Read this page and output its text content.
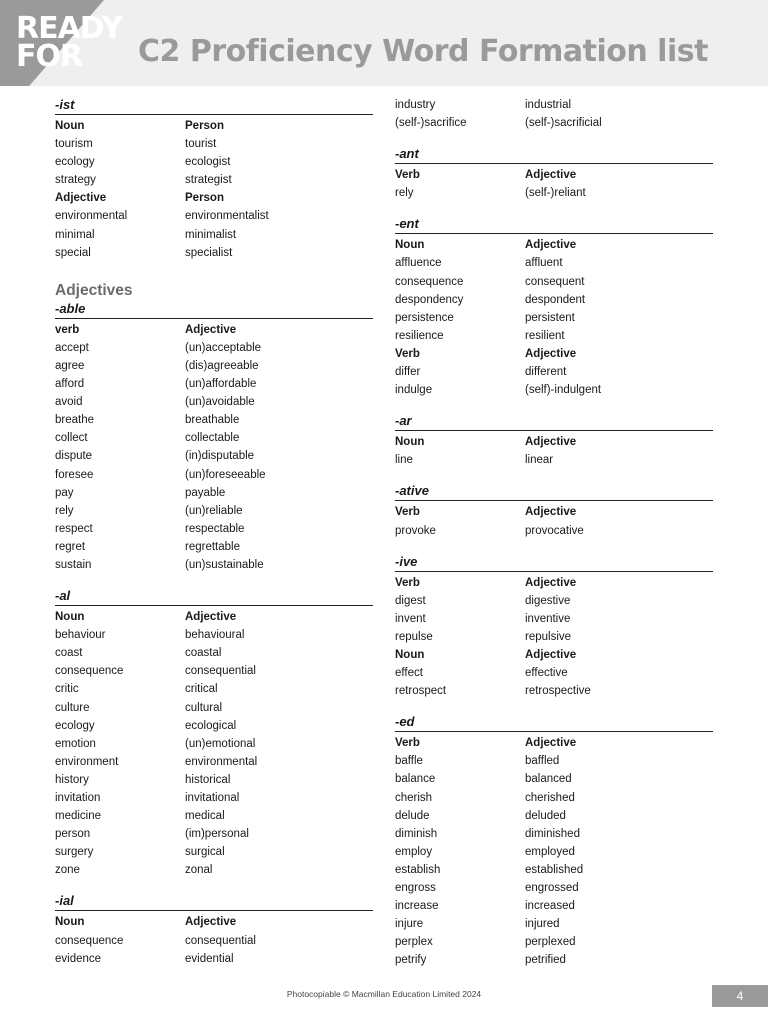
READY
FOR C2 Proficiency Word Formation list
-ist
Noun	Person
tourism	tourist
ecology	ecologist
strategy	strategist
Adjective	Person
environmental	environmentalist
minimal	minimalist
special	specialist
Adjectives
-able
verb	Adjective
accept	(un)acceptable
agree	(dis)agreeable
afford	(un)affordable
avoid	(un)avoidable
breathe	breathable
collect	collectable
dispute	(in)disputable
foresee	(un)foreseeable
pay	payable
rely	(un)reliable
respect	respectable
regret	regrettable
sustain	(un)sustainable
-al
Noun	Adjective
behaviour	behavioural
coast	coastal
consequence	consequential
critic	critical
culture	cultural
ecology	ecological
emotion	(un)emotional
environment	environmental
history	historical
invitation	invitational
medicine	medical
person	(im)personal
surgery	surgical
zone	zonal
-ial
Noun	Adjective
consequence	consequential
evidence	evidential
industry	industrial
(self-)sacrifice	(self-)sacrificial
-ant
Verb	Adjective
rely	(self-)reliant
-ent
Noun	Adjective
affluence	affluent
consequence	consequent
despondency	despondent
persistence	persistent
resilience	resilient
Verb	Adjective
differ	different
indulge	(self)-indulgent
-ar
Noun	Adjective
line	linear
-ative
Verb	Adjective
provoke	provocative
-ive
Verb	Adjective
digest	digestive
invent	inventive
repulse	repulsive
Noun	Adjective
effect	effective
retrospect	retrospective
-ed
Verb	Adjective
baffle	baffled
balance	balanced
cherish	cherished
delude	deluded
diminish	diminished
employ	employed
establish	established
engross	engrossed
increase	increased
injure	injured
perplex	perplexed
petrify	petrified
Photocopiable © Macmillan Education Limited 2024	4
